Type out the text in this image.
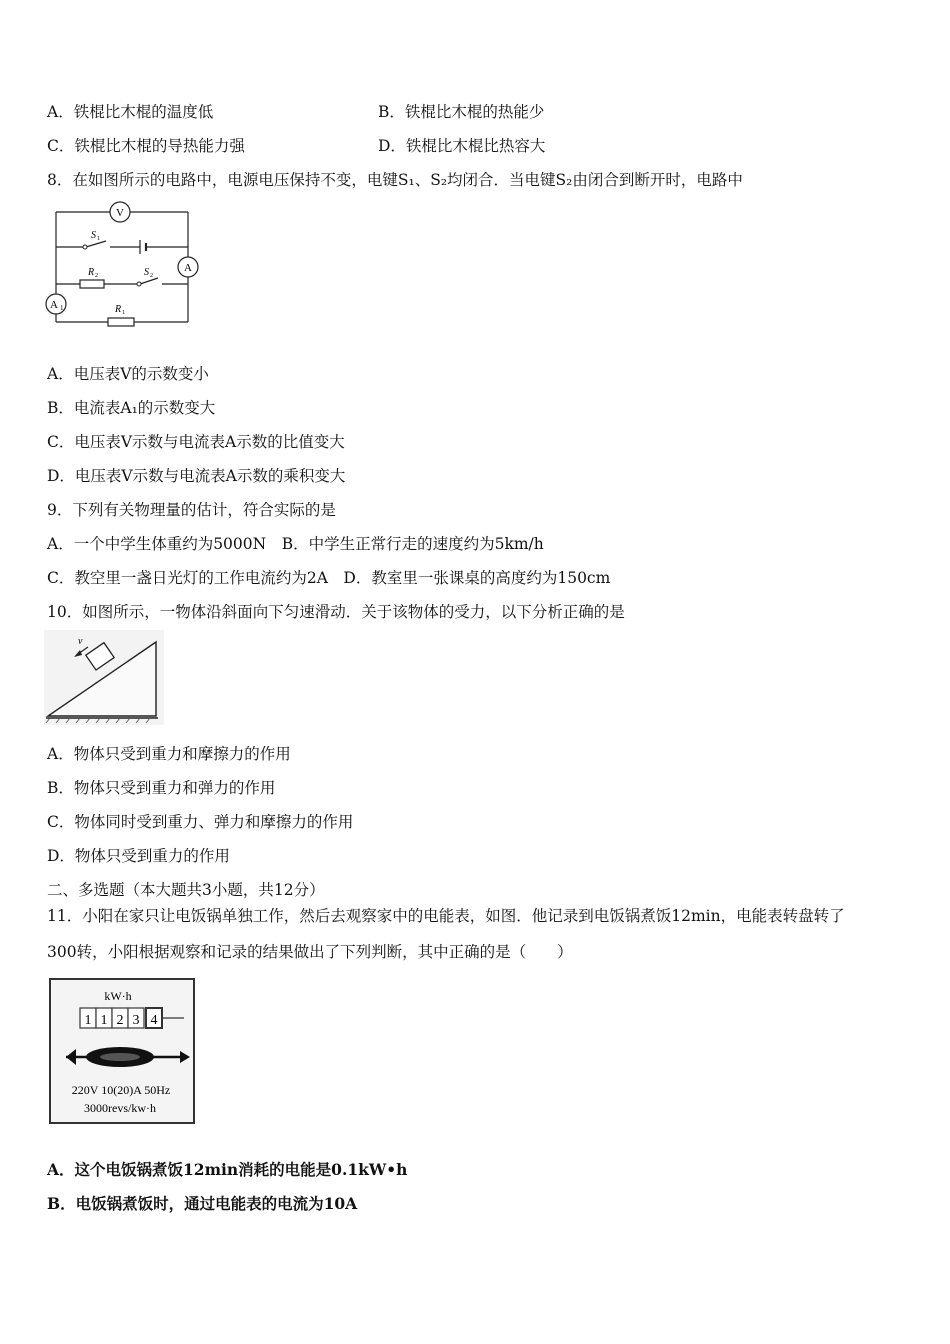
A．铁棍比木棍的温度低	B．铁棍比木棍的热能少
C．铁棍比木棍的导热能力强	D．铁棍比木棍比热容大
8．在如图所示的电路中，电源电压保持不变，电键S₁、S₂均闭合．当电键S₂由闭合到断开时，电路中
V
A
A 1
S 1
R 2	S 2
R 1
A．电压表V的示数变小
B．电流表A₁的示数变大
C．电压表V示数与电流表A示数的比值变大
D．电压表V示数与电流表A示数的乘积变大
9．下列有关物理量的估计，符合实际的是
A．一个中学生体重约为5000N　B．中学生正常行走的速度约为5km/h
C．教空里一盏日光灯的工作电流约为2A　D．教室里一张课桌的高度约为150cm
10．如图所示，一物体沿斜面向下匀速滑动．关于该物体的受力，以下分析正确的是
v
A．物体只受到重力和摩擦力的作用
B．物体只受到重力和弹力的作用
C．物体同时受到重力、弹力和摩擦力的作用
D．物体只受到重力的作用
二、多选题（本大题共3小题，共12分）
11．小阳在家只让电饭锅单独工作，然后去观察家中的电能表，如图．他记录到电饭锅煮饭12min，电能表转盘转了
300转，小阳根据观察和记录的结果做出了下列判断，其中正确的是（　　）
kW·h
1 1 2 3 4
220V 10(20)A 50Hz
3000revs/kw·h
A．这个电饭锅煮饭12min消耗的电能是0.1kW•h
B．电饭锅煮饭时，通过电能表的电流为10A
